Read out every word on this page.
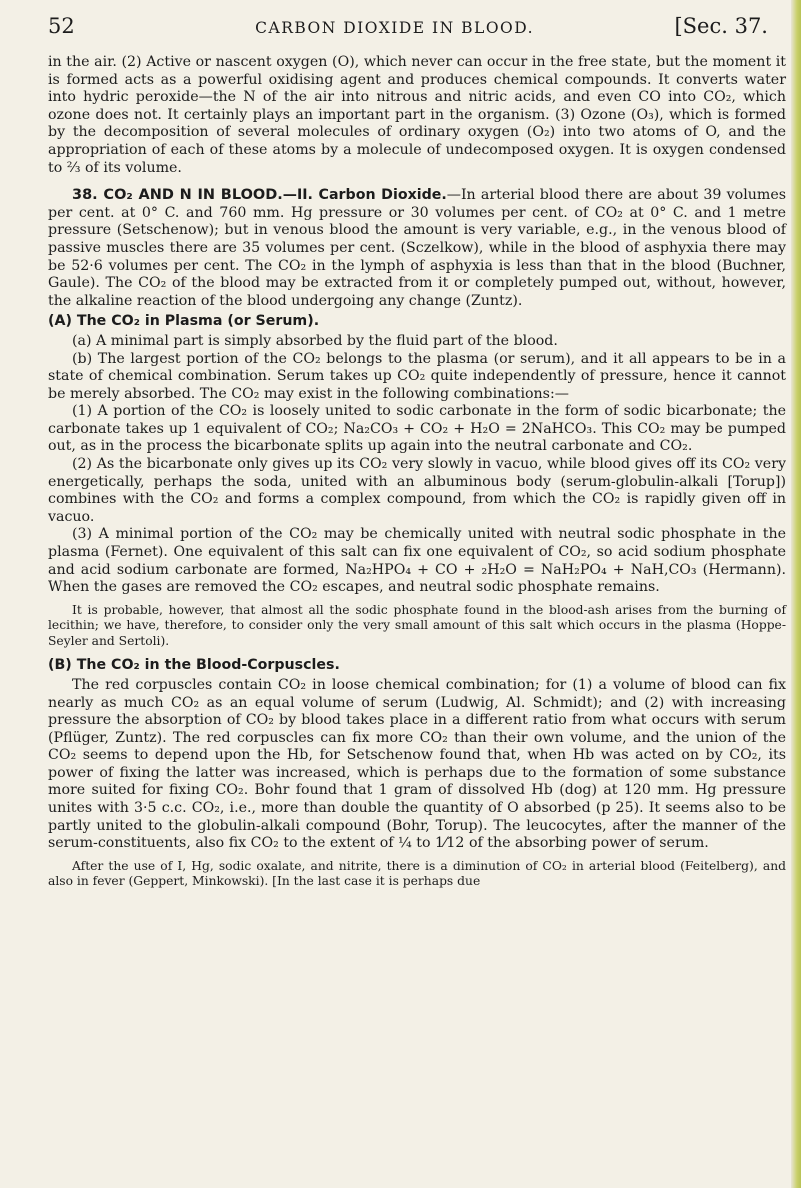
52	CARBON DIOXIDE IN BLOOD.	[Sec. 37.

in the air. (2) Active or nascent oxygen (O), which never can occur in the free state, but the moment it is formed acts as a powerful oxidising agent and produces chemical compounds. It converts water into hydric peroxide—the N of the air into nitrous and nitric acids, and even CO into CO₂, which ozone does not. It certainly plays an important part in the organism. (3) Ozone (O₃), which is formed by the decomposition of several molecules of ordinary oxygen (O₂) into two atoms of O, and the appropriation of each of these atoms by a molecule of undecomposed oxygen. It is oxygen condensed to ⅔ of its volume.

38. CO₂ AND N IN BLOOD.—II. Carbon Dioxide.—In arterial blood there are about 39 volumes per cent. at 0° C. and 760 mm. Hg pressure or 30 volumes per cent. of CO₂ at 0° C. and 1 metre pressure (Setschenow); but in venous blood the amount is very variable, e.g., in the venous blood of passive muscles there are 35 volumes per cent. (Sczelkow), while in the blood of asphyxia there may be 52·6 volumes per cent. The CO₂ in the lymph of asphyxia is less than that in the blood (Buchner, Gaule). The CO₂ of the blood may be extracted from it or completely pumped out, without, however, the alkaline reaction of the blood undergoing any change (Zuntz).

(A) The CO₂ in Plasma (or Serum).

(a) A minimal part is simply absorbed by the fluid part of the blood.

(b) The largest portion of the CO₂ belongs to the plasma (or serum), and it all appears to be in a state of chemical combination. Serum takes up CO₂ quite independently of pressure, hence it cannot be merely absorbed. The CO₂ may exist in the following combinations:—

(1) A portion of the CO₂ is loosely united to sodic carbonate in the form of sodic bicarbonate; the carbonate takes up 1 equivalent of CO₂; Na₂CO₃ + CO₂ + H₂O = 2NaHCO₃. This CO₂ may be pumped out, as in the process the bicarbonate splits up again into the neutral carbonate and CO₂.

(2) As the bicarbonate only gives up its CO₂ very slowly in vacuo, while blood gives off its CO₂ very energetically, perhaps the soda, united with an albuminous body (serum-globulin-alkali [Torup]) combines with the CO₂ and forms a complex compound, from which the CO₂ is rapidly given off in vacuo.

(3) A minimal portion of the CO₂ may be chemically united with neutral sodic phosphate in the plasma (Fernet). One equivalent of this salt can fix one equivalent of CO₂, so acid sodium phosphate and acid sodium carbonate are formed, Na₂HPO₄ + CO + ₂H₂O = NaH₂PO₄ + NaH,CO₃ (Hermann). When the gases are removed the CO₂ escapes, and neutral sodic phosphate remains.

It is probable, however, that almost all the sodic phosphate found in the blood-ash arises from the burning of lecithin; we have, therefore, to consider only the very small amount of this salt which occurs in the plasma (Hoppe-Seyler and Sertoli).

(B) The CO₂ in the Blood-Corpuscles.

The red corpuscles contain CO₂ in loose chemical combination; for (1) a volume of blood can fix nearly as much CO₂ as an equal volume of serum (Ludwig, Al. Schmidt); and (2) with increasing pressure the absorption of CO₂ by blood takes place in a different ratio from what occurs with serum (Pflüger, Zuntz). The red corpuscles can fix more CO₂ than their own volume, and the union of the CO₂ seems to depend upon the Hb, for Setschenow found that, when Hb was acted on by CO₂, its power of fixing the latter was increased, which is perhaps due to the formation of some substance more suited for fixing CO₂. Bohr found that 1 gram of dissolved Hb (dog) at 120 mm. Hg pressure unites with 3·5 c.c. CO₂, i.e., more than double the quantity of O absorbed (p 25). It seems also to be partly united to the globulin-alkali compound (Bohr, Torup). The leucocytes, after the manner of the serum-constituents, also fix CO₂ to the extent of ¼ to 1⁄12 of the absorbing power of serum.

After the use of I, Hg, sodic oxalate, and nitrite, there is a diminution of CO₂ in arterial blood (Feitelberg), and also in fever (Geppert, Minkowski). [In the last case it is perhaps due
